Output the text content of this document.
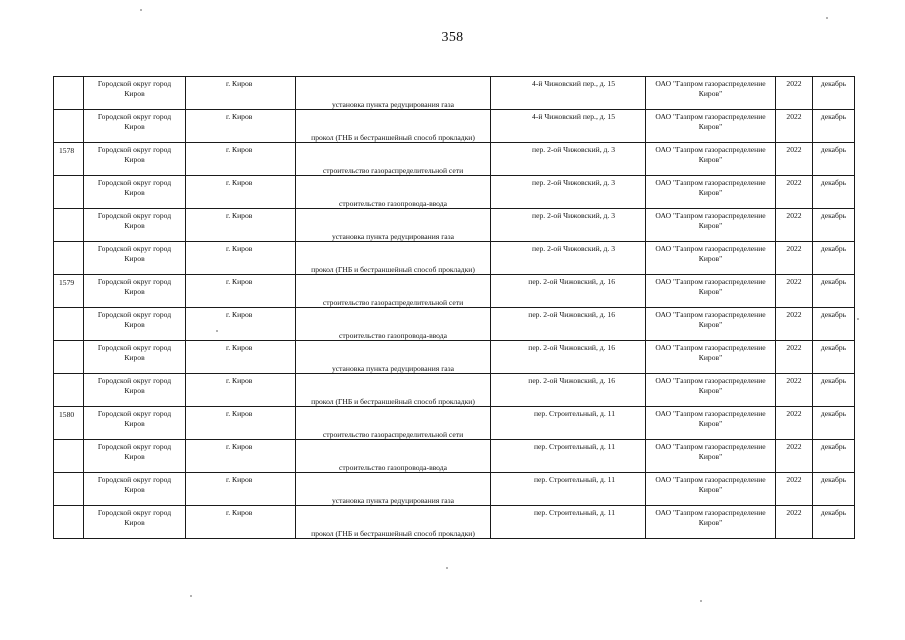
358

	Городской округ город Киров	г. Киров	установка пункта редуцирования газа	4-й Чижовский пер., д. 15	ОАО "Газпром газораспределение Киров"	2022	декабрь

	Городской округ город Киров	г. Киров	прокол (ГНБ и бестраншейный способ прокладки)	4-й Чижовский пер., д. 15	ОАО "Газпром газораспределение Киров"	2022	декабрь

1578	Городской округ город Киров	г. Киров	строительство газораспределительной сети	пер. 2-ой Чижовский, д. 3	ОАО "Газпром газораспределение Киров"	2022	декабрь

	Городской округ город Киров	г. Киров	строительство газопровода-ввода	пер. 2-ой Чижовский, д. 3	ОАО "Газпром газораспределение Киров"	2022	декабрь

	Городской округ город Киров	г. Киров	установка пункта редуцирования газа	пер. 2-ой Чижовский, д. 3	ОАО "Газпром газораспределение Киров"	2022	декабрь

	Городской округ город Киров	г. Киров	прокол (ГНБ и бестраншейный способ прокладки)	пер. 2-ой Чижовский, д. 3	ОАО "Газпром газораспределение Киров"	2022	декабрь

1579	Городской округ город Киров	г. Киров	строительство газораспределительной сети	пер. 2-ой Чижовский, д. 16	ОАО "Газпром газораспределение Киров"	2022	декабрь

	Городской округ город Киров	г. Киров	строительство газопровода-ввода	пер. 2-ой Чижовский, д. 16	ОАО "Газпром газораспределение Киров"	2022	декабрь

	Городской округ город Киров	г. Киров	установка пункта редуцирования газа	пер. 2-ой Чижовский, д. 16	ОАО "Газпром газораспределение Киров"	2022	декабрь

	Городской округ город Киров	г. Киров	прокол (ГНБ и бестраншейный способ прокладки)	пер. 2-ой Чижовский, д. 16	ОАО "Газпром газораспределение Киров"	2022	декабрь

1580	Городской округ город Киров	г. Киров	строительство газораспределительной сети	пер. Строительный, д. 11	ОАО "Газпром газораспределение Киров"	2022	декабрь

	Городской округ город Киров	г. Киров	строительство газопровода-ввода	пер. Строительный, д. 11	ОАО "Газпром газораспределение Киров"	2022	декабрь

	Городской округ город Киров	г. Киров	установка пункта редуцирования газа	пер. Строительный, д. 11	ОАО "Газпром газораспределение Киров"	2022	декабрь

	Городской округ город Киров	г. Киров	прокол (ГНБ и бестраншейный способ прокладки)	пер. Строительный, д. 11	ОАО "Газпром газораспределение Киров"	2022	декабрь
